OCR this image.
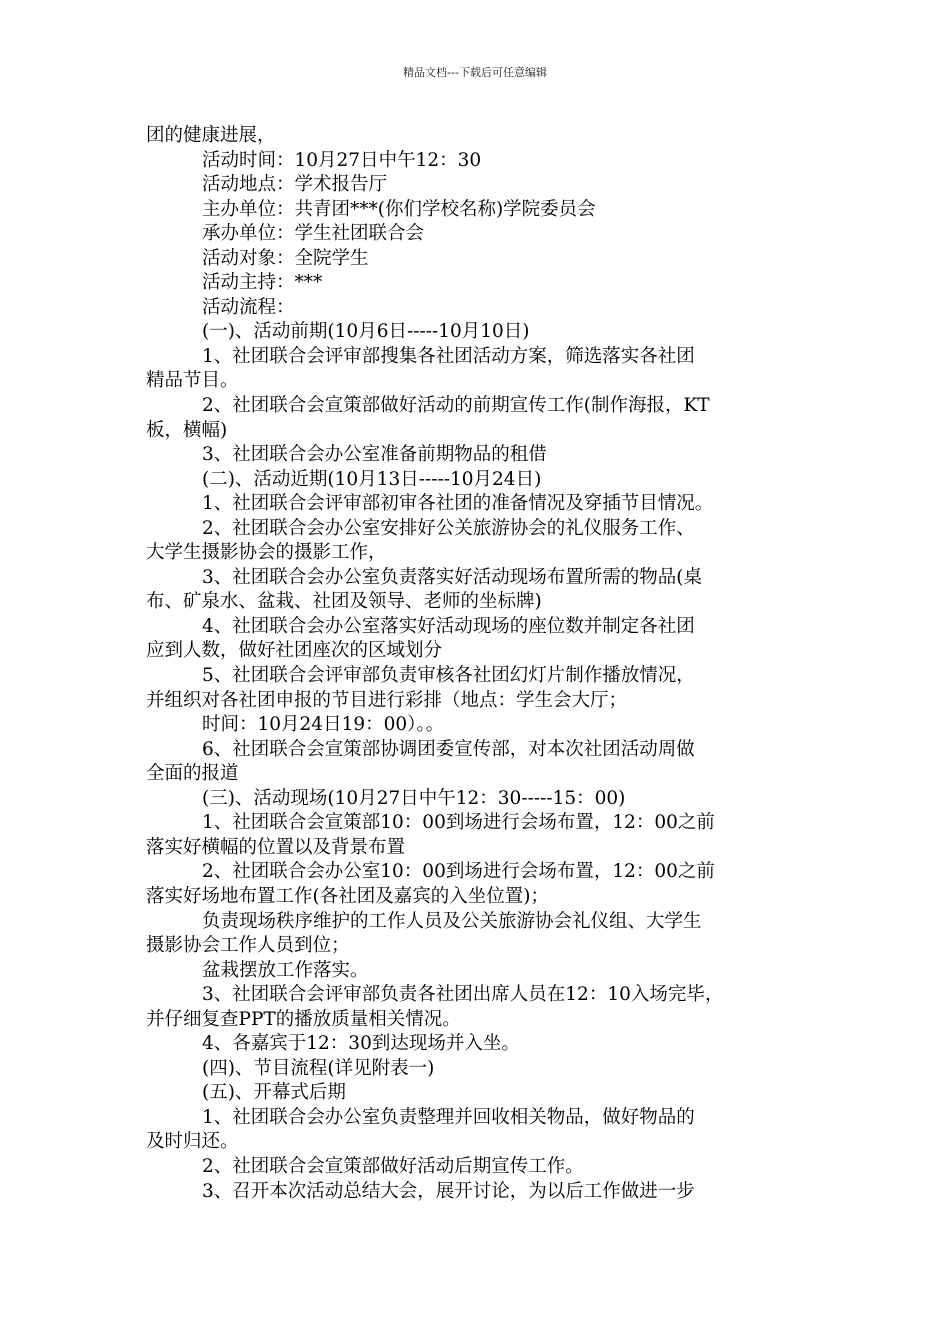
精品文档---下载后可任意编辑
团的健康进展，
活动时间：10月27日中午12：30
活动地点：学术报告厅
主办单位：共青团***(你们学校名称)学院委员会
承办单位：学生社团联合会
活动对象：全院学生
活动主持：***
活动流程：
(一)、活动前期(10月6日-----10月10日)
1、社团联合会评审部搜集各社团活动方案，筛选落实各社团
精品节目。
2、社团联合会宣策部做好活动的前期宣传工作(制作海报，KT
板，横幅)
3、社团联合会办公室准备前期物品的租借
(二)、活动近期(10月13日-----10月24日)
1、社团联合会评审部初审各社团的准备情况及穿插节目情况。
2、社团联合会办公室安排好公关旅游协会的礼仪服务工作、
大学生摄影协会的摄影工作，
3、社团联合会办公室负责落实好活动现场布置所需的物品(桌
布、矿泉水、盆栽、社团及领导、老师的坐标牌)
4、社团联合会办公室落实好活动现场的座位数并制定各社团
应到人数，做好社团座次的区域划分
5、社团联合会评审部负责审核各社团幻灯片制作播放情况，
并组织对各社团申报的节目进行彩排（地点：学生会大厅；
时间：10月24日19：00）。。
6、社团联合会宣策部协调团委宣传部，对本次社团活动周做
全面的报道
(三)、活动现场(10月27日中午12：30-----15：00)
1、社团联合会宣策部10：00到场进行会场布置，12：00之前
落实好横幅的位置以及背景布置
2、社团联合会办公室10：00到场进行会场布置，12：00之前
落实好场地布置工作(各社团及嘉宾的入坐位置)；
负责现场秩序维护的工作人员及公关旅游协会礼仪组、大学生
摄影协会工作人员到位；
盆栽摆放工作落实。
3、社团联合会评审部负责各社团出席人员在12：10入场完毕，
并仔细复查PPT的播放质量相关情况。
4、各嘉宾于12：30到达现场并入坐。
(四)、节目流程(详见附表一)
(五)、开幕式后期
1、社团联合会办公室负责整理并回收相关物品，做好物品的
及时归还。
2、社团联合会宣策部做好活动后期宣传工作。
3、召开本次活动总结大会，展开讨论，为以后工作做进一步
